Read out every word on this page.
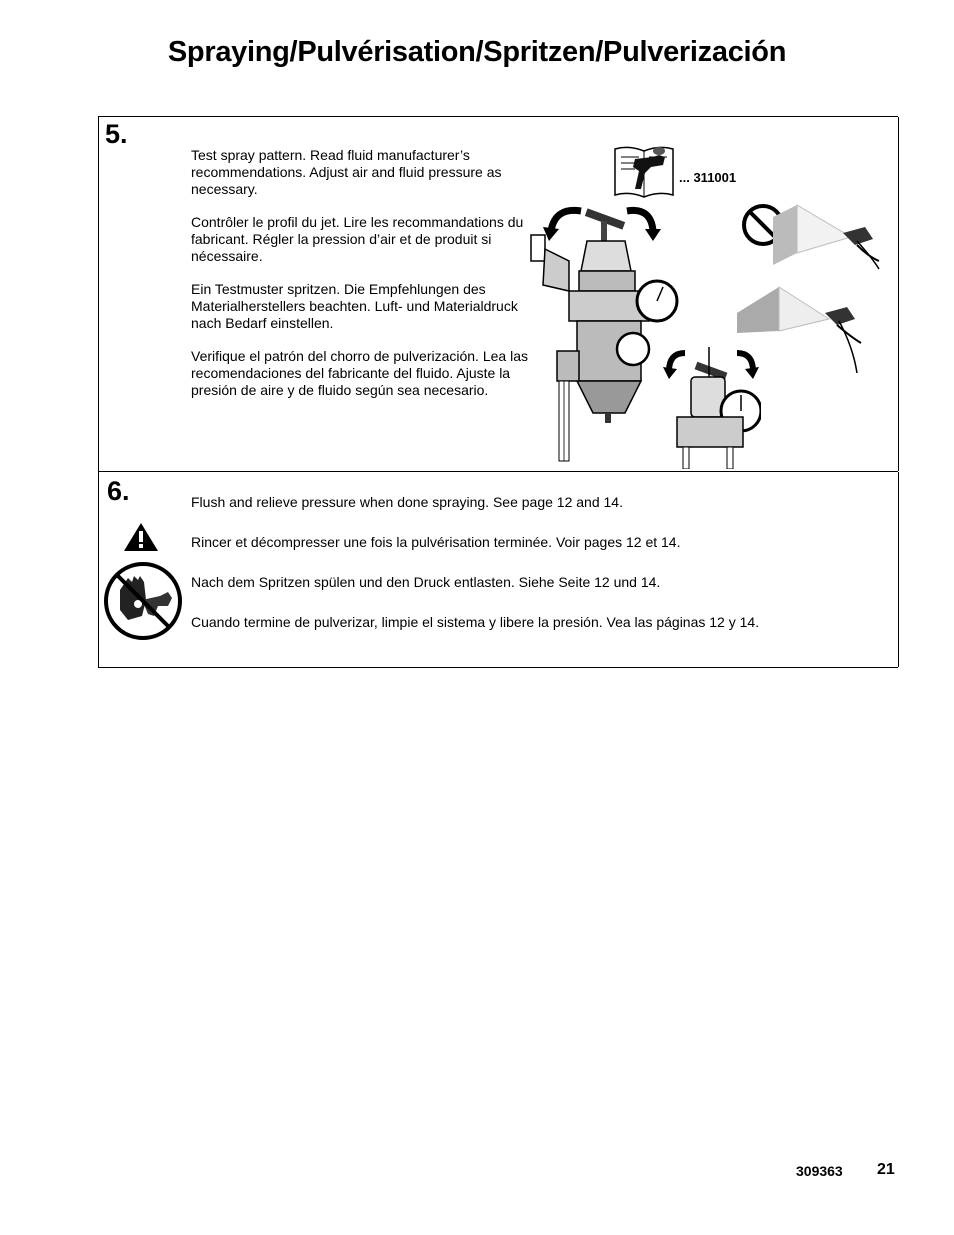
Spraying/Pulvérisation/Spritzen/Pulverización
5.

Test spray pattern. Read fluid manufacturer’s recommendations. Adjust air and fluid pressure as necessary.

Contrôler le profil du jet. Lire les recommandations du fabricant. Régler la pression d’air et de produit si nécessaire.

Ein Testmuster spritzen. Die Empfehlungen des Materialherstellers beachten. Luft- und Materialdruck nach Bedarf einstellen.

Verifique el patrón del chorro de pulverización. Lea las recomendaciones del fabricante del fluido. Ajuste la presión de aire y de fluido según sea necesario.

... 311001
6.	Flush and relieve pressure when done spraying. See page 12 and 14.

Rincer et décompresser une fois la pulvérisation terminée. Voir pages 12 et 14.

Nach dem Spritzen spülen und den Druck entlasten. Siehe Seite 12 und 14.

Cuando termine de pulverizar, limpie el sistema y libere la presión. Vea las páginas 12 y 14.

309363 21
